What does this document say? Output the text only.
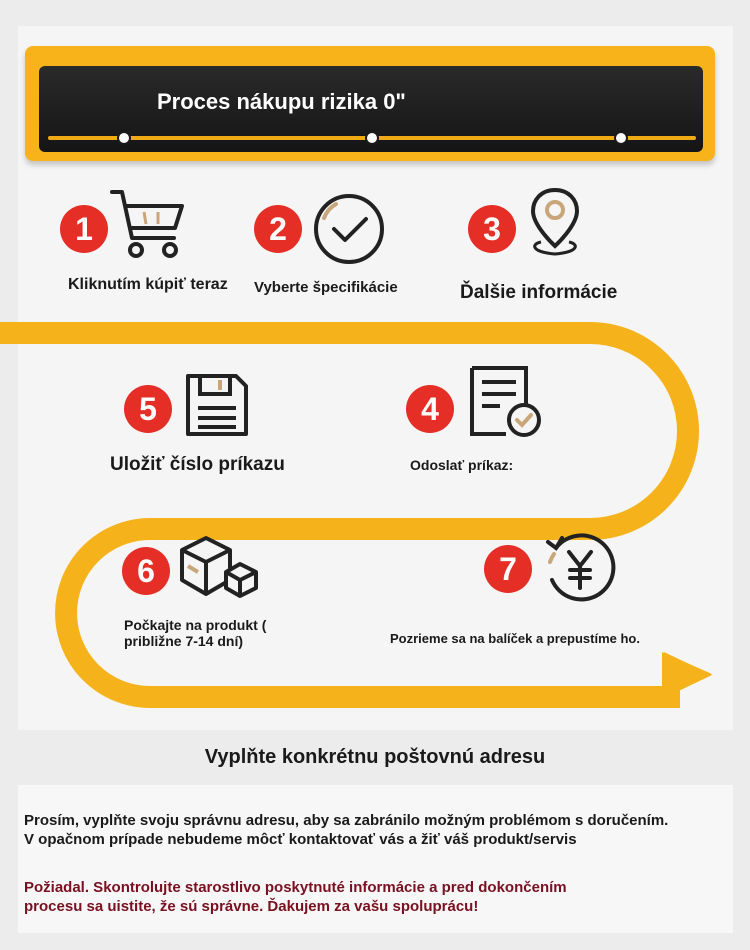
Proces nákupu rizika 0"
1
Kliknutím kúpiť teraz
2
Vyberte špecifikácie
3
Ďalšie informácie
5
Uložiť číslo príkazu
4
Odoslať príkaz:
6
Počkajte na produkt ( približne 7-14 dní)
7
Pozrieme sa na balíček a prepustíme ho.
Vyplňte konkrétnu poštovnú adresu

Prosím, vyplňte svoju správnu adresu, aby sa zabránilo možným problémom s doručením.

V opačnom prípade nebudeme môcť kontaktovať vás a žiť váš produkt/servis

Požiadal. Skontrolujte starostlivo poskytnuté informácie a pred dokončením

procesu sa uistite, že sú správne. Ďakujem za vašu spoluprácu!
